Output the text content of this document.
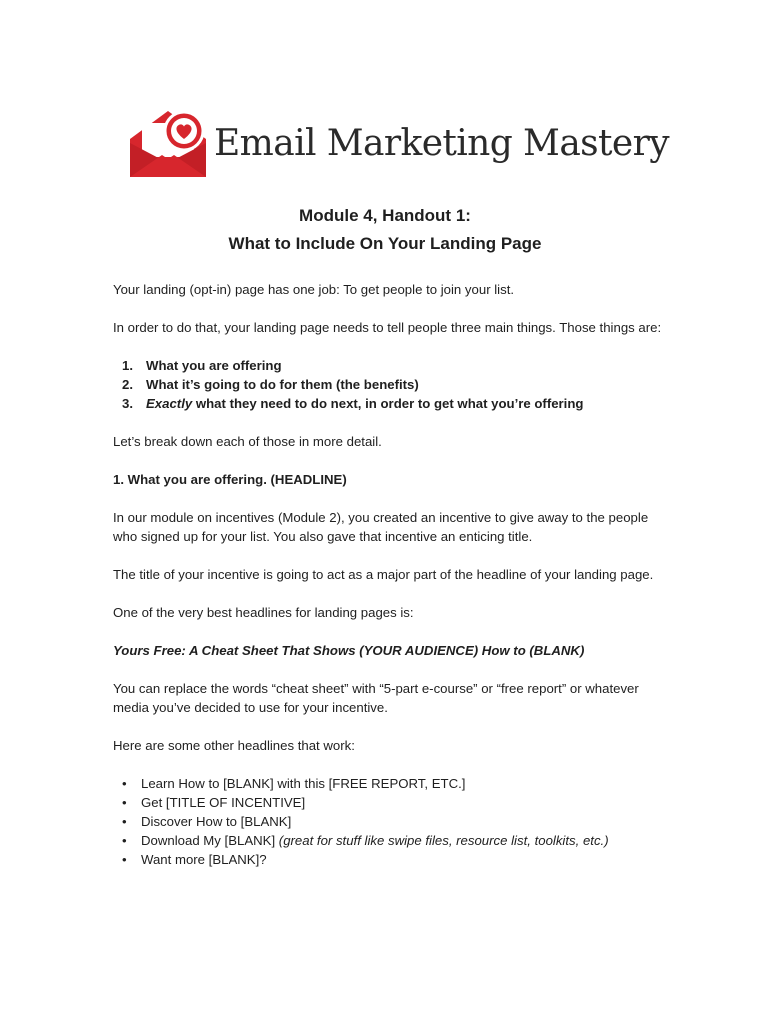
Email Marketing Mastery
Module 4, Handout 1:
What to Include On Your Landing Page

Your landing (opt-in) page has one job: To get people to join your list.

In order to do that, your landing page needs to tell people three main things. Those things are:

1. What you are offering
2. What it’s going to do for them (the benefits)
3. Exactly what they need to do next, in order to get what you’re offering

Let’s break down each of those in more detail.

1. What you are offering. (HEADLINE)

In our module on incentives (Module 2), you created an incentive to give away to the people who signed up for your list. You also gave that incentive an enticing title.

The title of your incentive is going to act as a major part of the headline of your landing page.

One of the very best headlines for landing pages is:

Yours Free: A Cheat Sheet That Shows (YOUR AUDIENCE) How to (BLANK)

You can replace the words “cheat sheet” with “5-part e-course” or “free report” or whatever media you’ve decided to use for your incentive.

Here are some other headlines that work:

• Learn How to [BLANK] with this [FREE REPORT, ETC.]
• Get [TITLE OF INCENTIVE]
• Discover How to [BLANK]
• Download My [BLANK] (great for stuff like swipe files, resource list, toolkits, etc.)
• Want more [BLANK]?
